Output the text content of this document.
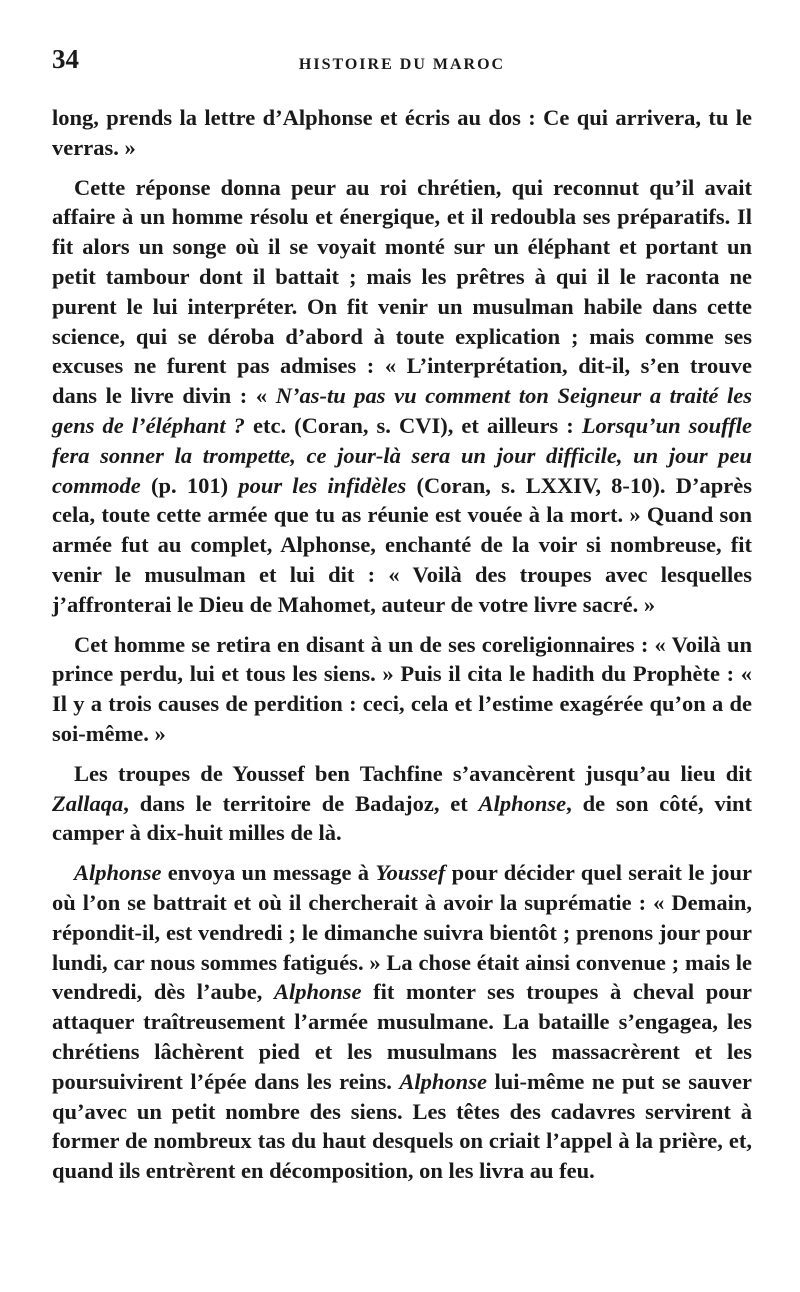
34	HISTOIRE DU MAROC

long, prends la lettre d’Alphonse et écris au dos : Ce qui arrivera, tu le verras. »

Cette réponse donna peur au roi chrétien, qui reconnut qu’il avait affaire à un homme résolu et énergique, et il redoubla ses préparatifs. Il fit alors un songe où il se voyait monté sur un éléphant et portant un petit tambour dont il battait ; mais les prêtres à qui il le raconta ne purent le lui interpréter. On fit venir un musulman habile dans cette science, qui se déroba d’abord à toute explication ; mais comme ses excuses ne furent pas admises : « L’interprétation, dit-il, s’en trouve dans le livre divin : « N’as-tu pas vu comment ton Seigneur a traité les gens de l’éléphant ? etc. (Coran, s. CVI), et ailleurs : Lorsqu’un souffle fera sonner la trompette, ce jour-là sera un jour difficile, un jour peu commode (p. 101) pour les infidèles (Coran, s. LXXIV, 8-10). D’après cela, toute cette armée que tu as réunie est vouée à la mort. » Quand son armée fut au complet, Alphonse, enchanté de la voir si nombreuse, fit venir le musulman et lui dit : « Voilà des troupes avec lesquelles j’affronterai le Dieu de Mahomet, auteur de votre livre sacré. »

Cet homme se retira en disant à un de ses coreligionnaires : « Voilà un prince perdu, lui et tous les siens. » Puis il cita le hadith du Prophète : « Il y a trois causes de perdition : ceci, cela et l’estime exagérée qu’on a de soi-même. »

Les troupes de Youssef ben Tachfine s’avancèrent jusqu’au lieu dit Zallaqa, dans le territoire de Badajoz, et Alphonse, de son côté, vint camper à dix-huit milles de là.

Alphonse envoya un message à Youssef pour décider quel serait le jour où l’on se battrait et où il chercherait à avoir la suprématie : « Demain, répondit-il, est vendredi ; le dimanche suivra bientôt ; prenons jour pour lundi, car nous sommes fatigués. » La chose était ainsi convenue ; mais le vendredi, dès l’aube, Alphonse fit monter ses troupes à cheval pour attaquer traîtreusement l’armée musulmane. La bataille s’engagea, les chrétiens lâchèrent pied et les musulmans les massacrèrent et les poursuivirent l’épée dans les reins. Alphonse lui-même ne put se sauver qu’avec un petit nombre des siens. Les têtes des cadavres servirent à former de nombreux tas du haut desquels on criait l’appel à la prière, et, quand ils entrèrent en décomposition, on les livra au feu.
